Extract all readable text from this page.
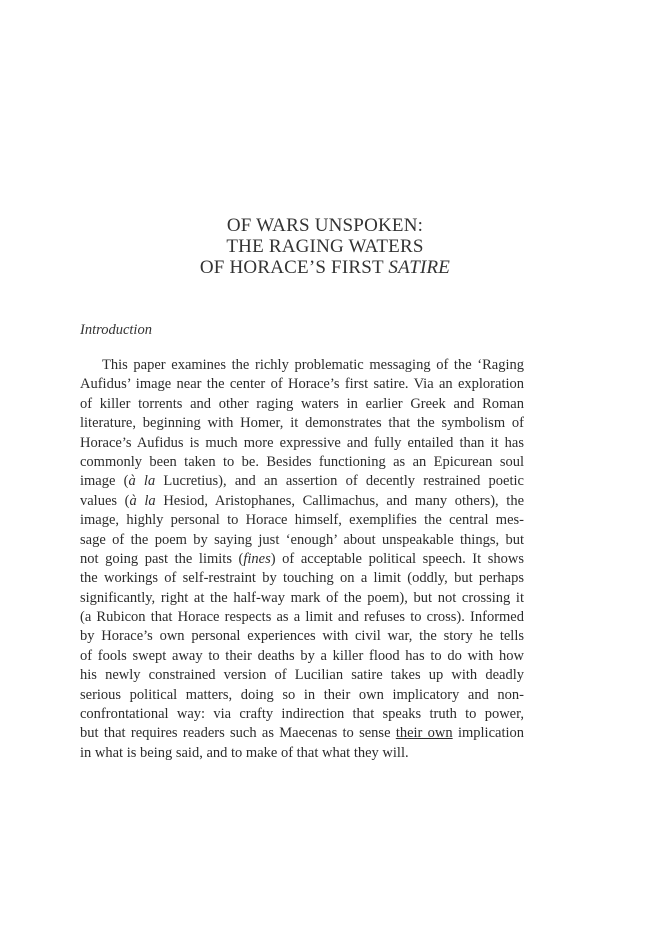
OF WARS UNSPOKEN:
THE RAGING WATERS
OF HORACE’S FIRST SATIRE
Introduction
This paper examines the richly problematic messaging of the ‘Raging
Aufidus’ image near the center of Horace’s first satire. Via an exploration
of killer torrents and other raging waters in earlier Greek and Roman
literature, beginning with Homer, it demonstrates that the symbolism of
Horace’s Aufidus is much more expressive and fully entailed than it has
commonly been taken to be. Besides functioning as an Epicurean soul
image (à la Lucretius), and an assertion of decently restrained poetic
values (à la Hesiod, Aristophanes, Callimachus, and many others), the
image, highly personal to Horace himself, exemplifies the central mes-
sage of the poem by saying just ‘enough’ about unspeakable things, but
not going past the limits (fines) of acceptable political speech. It shows
the workings of self-restraint by touching on a limit (oddly, but perhaps
significantly, right at the half-way mark of the poem), but not crossing it
(a Rubicon that Horace respects as a limit and refuses to cross). Informed
by Horace’s own personal experiences with civil war, the story he tells
of fools swept away to their deaths by a killer flood has to do with how
his newly constrained version of Lucilian satire takes up with deadly
serious political matters, doing so in their own implicatory and non-
confrontational way: via crafty indirection that speaks truth to power,
but that requires readers such as Maecenas to sense their own implication
in what is being said, and to make of that what they will.
